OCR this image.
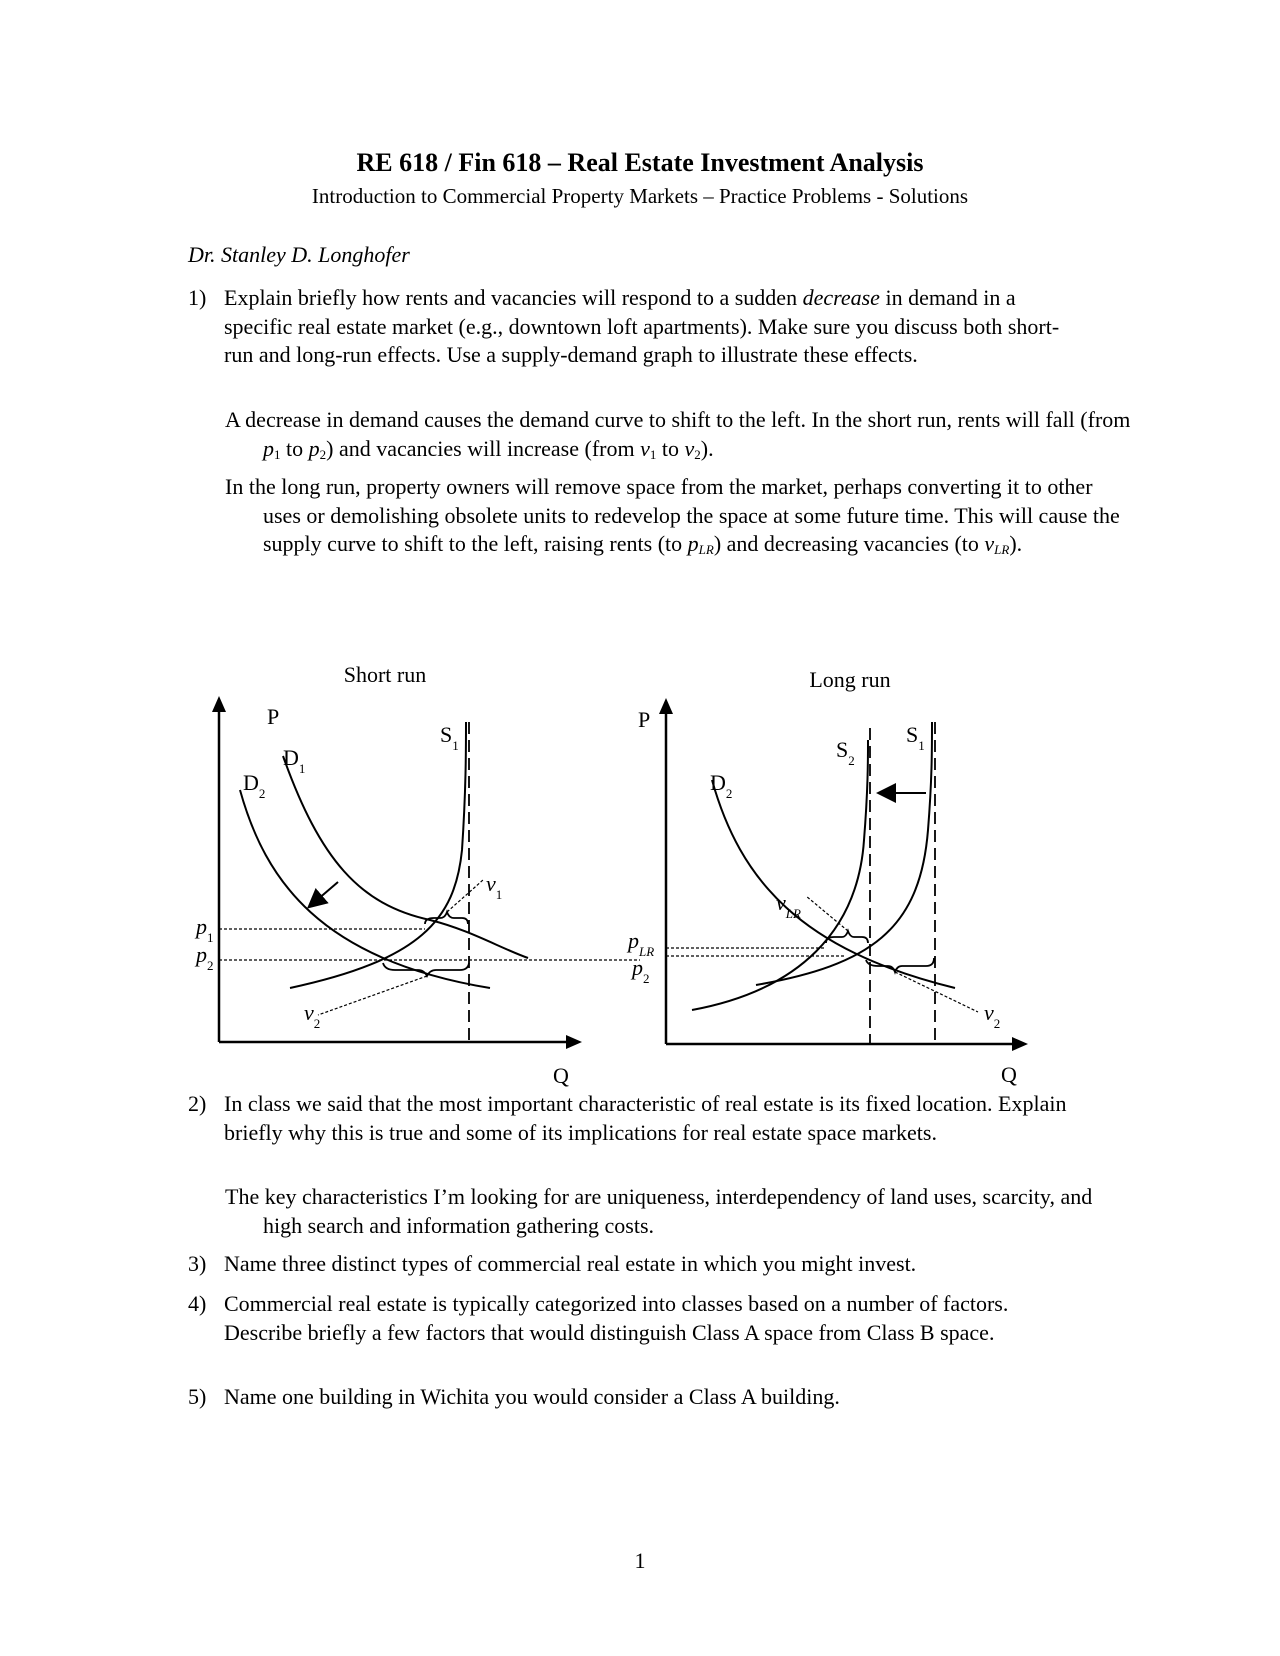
RE 618 / Fin 618 – Real Estate Investment Analysis
Introduction to Commercial Property Markets – Practice Problems - Solutions
Dr. Stanley D. Longhofer
1) Explain briefly how rents and vacancies will respond to a sudden decrease in demand in a specific real estate market (e.g., downtown loft apartments). Make sure you discuss both short-run and long-run effects. Use a supply-demand graph to illustrate these effects.
A decrease in demand causes the demand curve to shift to the left. In the short run, rents will fall (from $p_1$ to $p_2$) and vacancies will increase (from $v_1$ to $v_2$).
In the long run, property owners will remove space from the market, perhaps converting it to other uses or demolishing obsolete units to redevelop the space at some future time. This will cause the supply curve to shift to the left, raising rents (to pLR) and decreasing vacancies (to vLR).
Short run
P
Q
$S_1$
$D_1$
$D_2$
$v_1$
$v_2$
$p_1$
$p_2$
Long run
P
Q
$S_1$
$S_2$
$D_2$
$v_{LR}$
$v_2$
$p_{LR}$
$p_2$
2) In class we said that the most important characteristic of real estate is its fixed location. Explain briefly why this is true and some of its implications for real estate space markets.
The key characteristics I’m looking for are uniqueness, interdependency of land uses, scarcity, and high search and information gathering costs.
3) Name three distinct types of commercial real estate in which you might invest.
4) Commercial real estate is typically categorized into classes based on a number of factors. Describe briefly a few factors that would distinguish Class A space from Class B space.
5) Name one building in Wichita you would consider a Class A building.
1
